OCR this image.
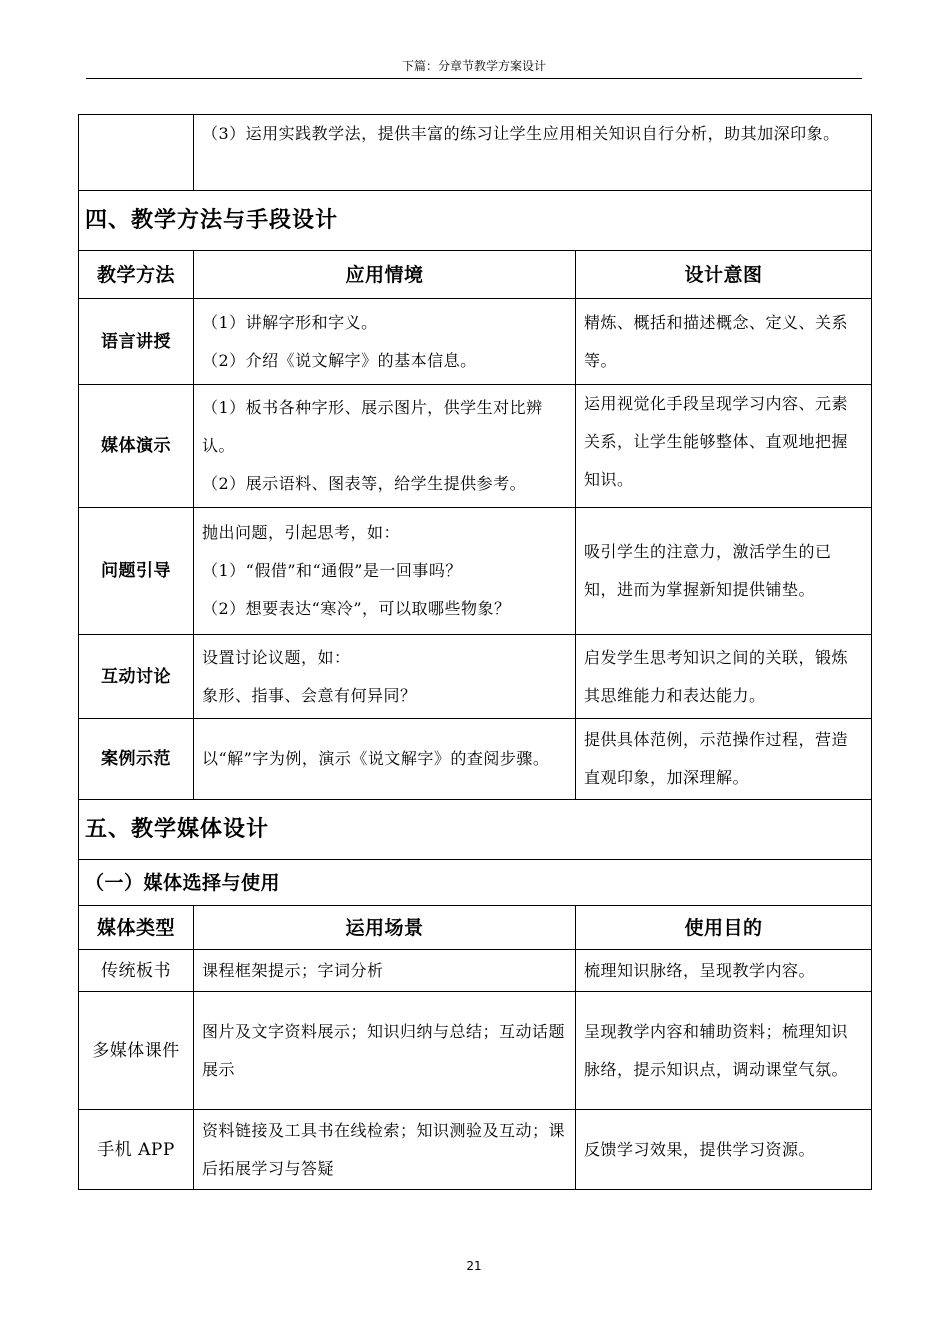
下篇：分章节教学方案设计
	（3）运用实践教学法，提供丰富的练习让学生应用相关知识自行分析，助其加深印象。	
四、教学方法与手段设计		
教学方法	应用情境	设计意图
语言讲授	（1）讲解字形和字义。
（2）介绍《说文解字》的基本信息。	精炼、概括和描述概念、定义、关系等。
媒体演示	（1）板书各种字形、展示图片，供学生对比辨认。
（2）展示语料、图表等，给学生提供参考。	运用视觉化手段呈现学习内容、元素关系，让学生能够整体、直观地把握知识。
问题引导	抛出问题，引起思考，如：
（1）“假借”和“通假”是一回事吗？
（2）想要表达“寒冷”，可以取哪些物象？	吸引学生的注意力，激活学生的已知，进而为掌握新知提供铺垫。
互动讨论	设置讨论议题，如：
象形、指事、会意有何异同？	启发学生思考知识之间的关联，锻炼其思维能力和表达能力。
案例示范	以“解”字为例，演示《说文解字》的查阅步骤。	提供具体范例，示范操作过程，营造直观印象，加深理解。
五、教学媒体设计		
（一）媒体选择与使用		
媒体类型	运用场景	使用目的
传统板书	课程框架提示；字词分析	梳理知识脉络，呈现教学内容。
多媒体课件	图片及文字资料展示；知识归纳与总结；互动话题展示	呈现教学内容和辅助资料；梳理知识脉络，提示知识点，调动课堂气氛。
手机 APP	资料链接及工具书在线检索；知识测验及互动；课后拓展学习与答疑	反馈学习效果，提供学习资源。
21
